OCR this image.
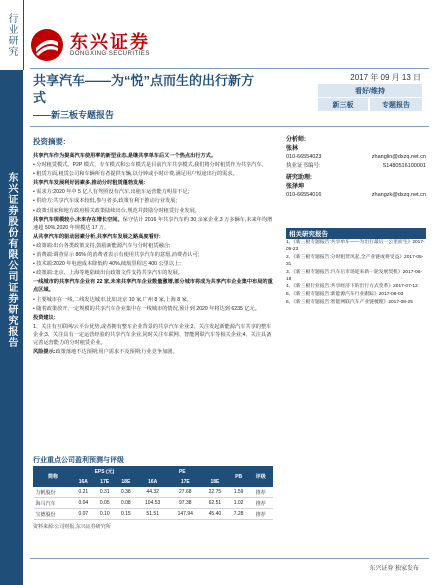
行业研究
东兴证券股份有限公司证券研究报告
东兴证券
DONGXING SECURITIES
共享汽车——为“悦”点而生的出行新方式
——新三板专题报告
2017 年 09 月 13 日
看好/维持
新三板	专题报告
投资摘要:

共享汽车作为提高汽车使用率的新型业态,是继共享单车后又一个热点出行方式。

• 分时租赁模式。P2P 模式、专车模式和公车模式是目前汽车共享模式,我们将分时租赁作为共享汽车。

• 租赁方面,租赁公司和车辆所有者提供车辆,以分钟或小时计费,满足用户短途出行的需求。

共享汽车发展利好因素多,推动分时租赁蓬勃发展:

• 需求方:2020 年中 5 亿人有驾照没有汽车,出租车运营能力明显不足;

• 供给方:共享汽车成本较低,参与者多,政策有利于推动行业发展;

• 政策:国家和地方政府相关政策陆续出台,规范并鼓励分时租赁行业发展。

共享汽车规模较小,未来存在增长空间。保守估计 2016 年共享汽车约 30 余家企业,3 万多辆车,未来年均增速超 50%,2020 年规模达 17 万。

从共享汽车的驱动因素分析,共享汽车发展之路高度看好:

• 政策端:出台各类政策支持,鼓励新能源汽车与分时租赁融合;

• 消费端:调查显示 86% 的消费者表示有使用共享汽车的意愿,消费者认可;

• 技术端:2020 年电池成本降低约 40%,续航里程达 400 公里以上;

• 政策端:北京、上海等地陆续出台政策文件支持共享汽车的发展。

一线城市的共享汽车企业有 22 家,未来共享汽车企业数量激增,部分城市将成为共享汽车企业集中布局的重点区域。

• 主要城市在一线,二线发达城市,比如北京 10 家,广州 8 家,上海 8 家。

• 随着政策放开,一定规模的共享汽车企业集中在一线城市的情况,预计到 2020 年将达到 6235 亿元。

投资建议:

1、关注有互联网/云平台优势,或者拥有整车企业背景的共享汽车企业;2、关注发起新能源汽车共享的整车企业;3、关注具有一定运营经验的共享汽车企业,同时关注车联网、智能网联汽车等相关企业;4、关注具备完善运营能力的分时租赁企业。

风险提示:政策落地不达预期;用户需求不及预期;行业竞争加剧。

分析师:
张林
010-66554023	zhanglin@dxzq.net.cn
执业证书编号:	S1480516100001
研究助理:
张泽坤
010-66554016	zhangzk@dxzq.net.cn
相关研究报告

1、《新三板专题报告:共享单车——为出行最后一公里而生》2017-05-23

2、《新三板专题报告:分时租赁风起,全产业链或将受益》2017-05-31

3、《新三板专题报告:汽车后市场迎来新一轮发展契机》2017-06-19

4、《新三板行业报告:共享经济下的出行方式变革》2017-07-12

5、《新三板专题报告:新能源汽车行业跟踪》2017-08-03

6、《新三板专题报告:智能网联汽车产业链梳理》2017-08-25

行业重点公司盈利预测与评级
简称	EPS (元)			PE			PB	评级
	16A	17E	18E	16A	17E	18E		
力帆股份	0.21	0.31	0.38	44.32	27.68	22.75	1.59	推荐
海马汽车	0.04	0.05	0.08	104.53	97.38	62.51	1.02	推荐
宝德股份	0.07	0.10	0.15	51.51	147.94	45.40	7.28	推荐
资料来源:公司财报,东兴证券研究所
东兴证券 独家发布
